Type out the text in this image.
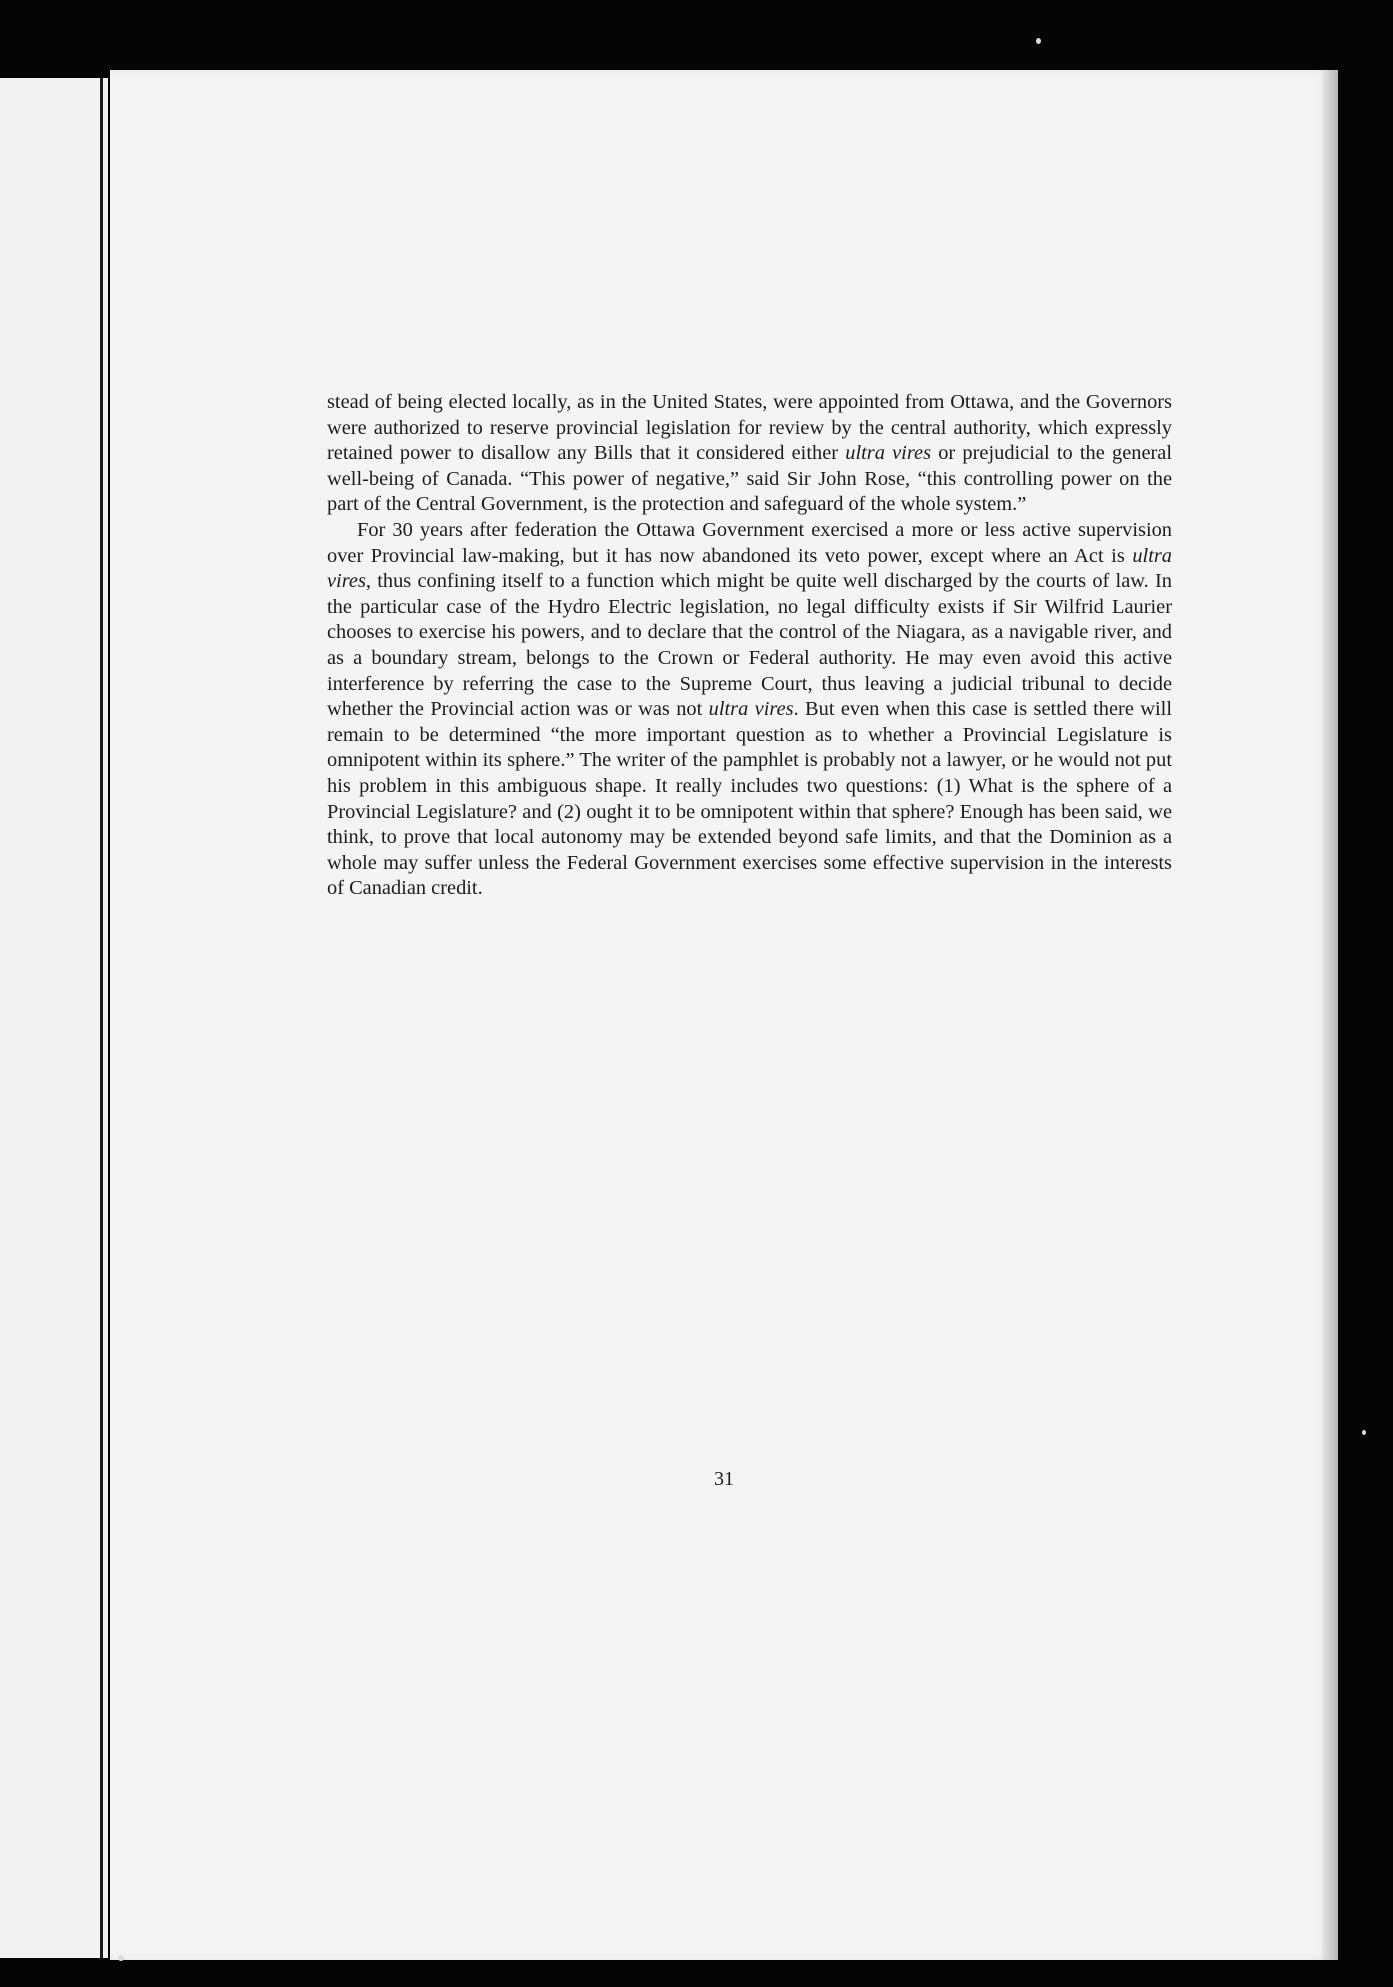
stead of being elected locally, as in the United States, were appointed from Ottawa, and the Governors were authorized to reserve provincial legislation for review by the central authority, which expressly retained power to disallow any Bills that it considered either ultra vires or prejudicial to the general well-being of Canada. “This power of negative,” said Sir John Rose, “this controlling power on the part of the Central Government, is the protection and safeguard of the whole system.”

For 30 years after federation the Ottawa Government exercised a more or less active supervision over Provincial law-making, but it has now abandoned its veto power, except where an Act is ultra vires, thus confining itself to a function which might be quite well discharged by the courts of law. In the particular case of the Hydro Electric legislation, no legal difficulty exists if Sir Wilfrid Laurier chooses to exercise his powers, and to declare that the control of the Niagara, as a navigable river, and as a boundary stream, belongs to the Crown or Federal authority. He may even avoid this active interference by referring the case to the Supreme Court, thus leaving a judicial tribunal to decide whether the Provincial action was or was not ultra vires. But even when this case is settled there will remain to be determined “the more important question as to whether a Provincial Legislature is omnipotent within its sphere.” The writer of the pamphlet is probably not a lawyer, or he would not put his problem in this ambiguous shape. It really includes two questions: (1) What is the sphere of a Provincial Legislature? and (2) ought it to be omnipotent within that sphere? Enough has been said, we think, to prove that local autonomy may be extended beyond safe limits, and that the Dominion as a whole may suffer unless the Federal Government exercises some effective supervision in the interests of Canadian credit.

31
